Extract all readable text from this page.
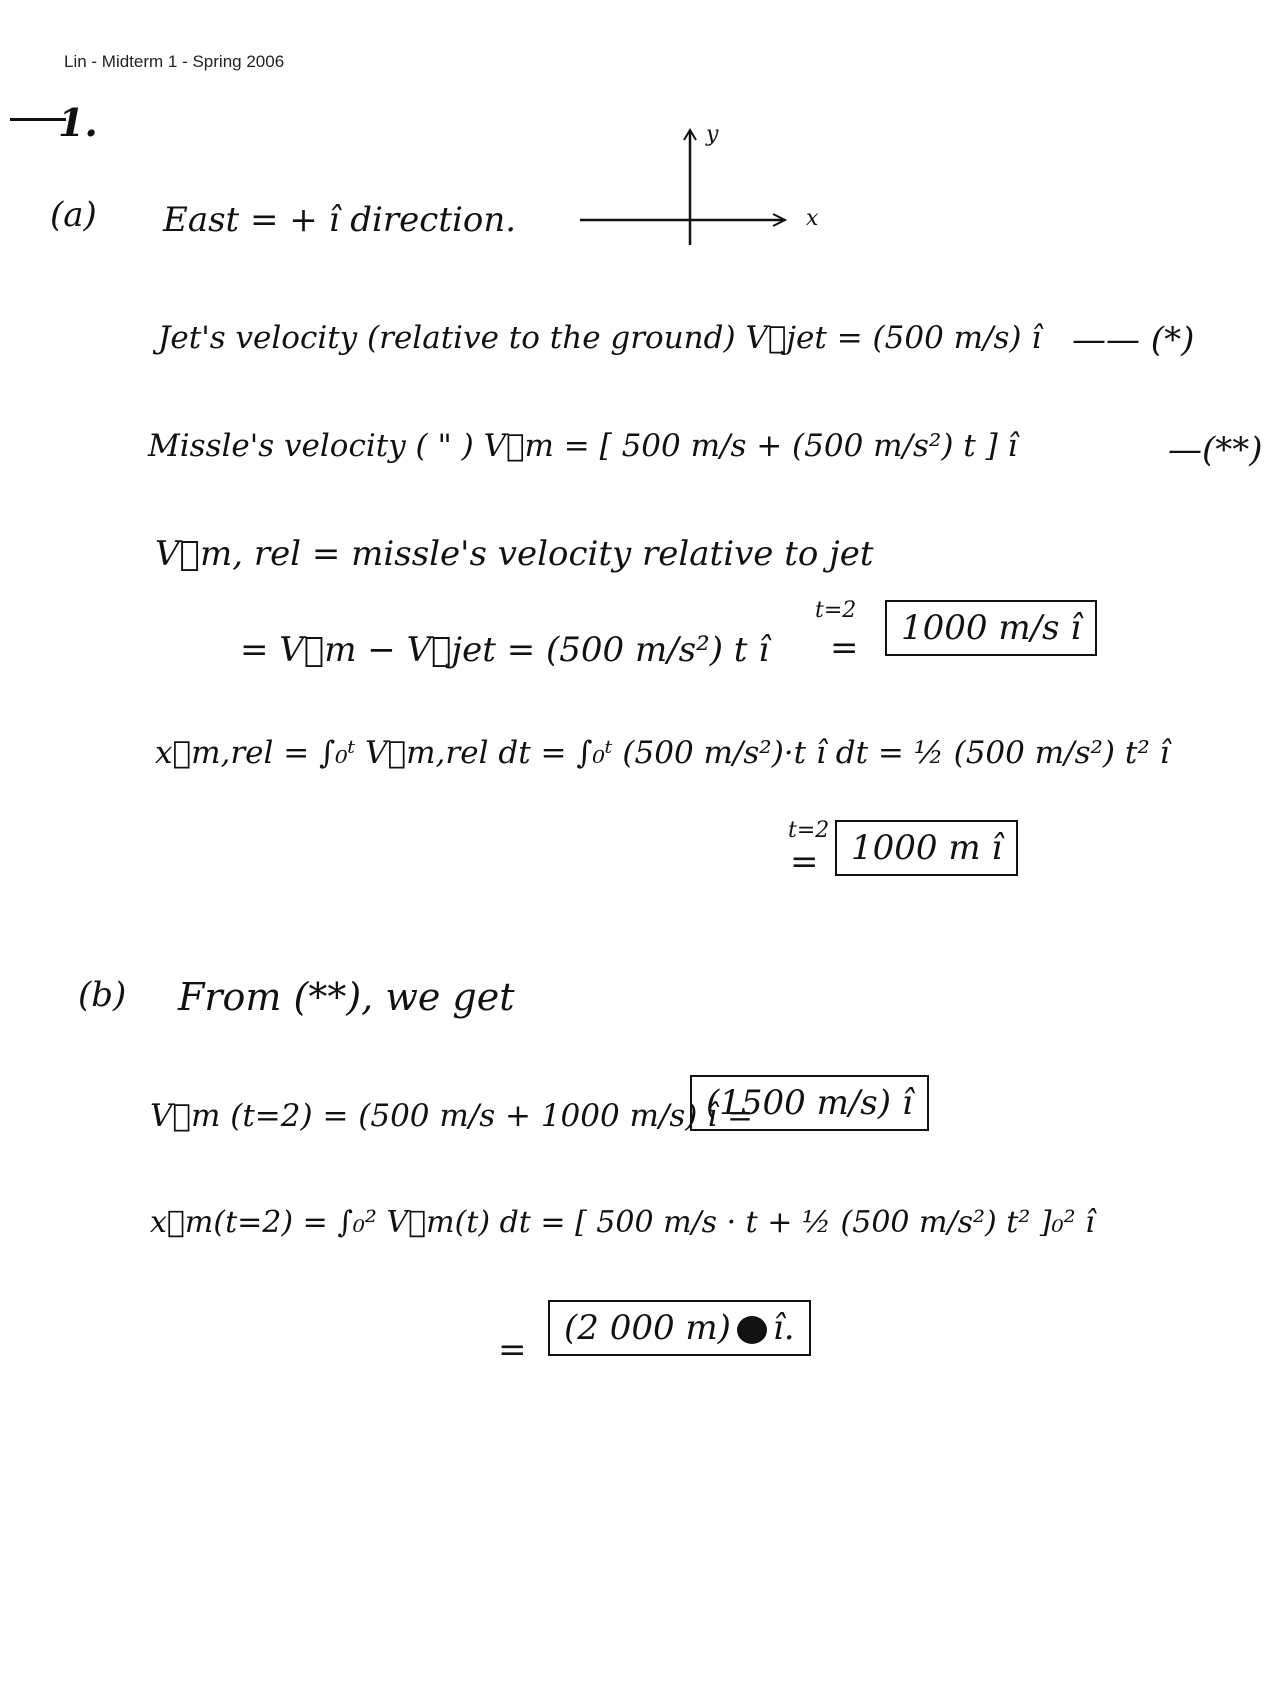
Lin - Midterm 1 - Spring 2006
1.
(a) East = + î direction.
y
x
Jet's velocity (relative to the ground) V⃗jet = (500 m/s) î —— (*)
Missle's velocity ( " ) V⃗m = [ 500 m/s + (500 m/s²) t ] î	—(**)
V⃗m, rel = missle's velocity relative to jet
= V⃗m − V⃗jet = (500 m/s²) t î
t=2
=	1000 m/s î
x⃗m,rel = ∫₀ᵗ V⃗m,rel dt = ∫₀ᵗ (500 m/s²)·t î dt = ½ (500 m/s²) t² î
t=2
= 1000 m î
(b) From (**), we get
V⃗m (t=2) = (500 m/s + 1000 m/s) î =
(1500 m/s) î
x⃗m(t=2) = ∫₀² V⃗m(t) dt = [ 500 m/s · t + ½ (500 m/s²) t² ]₀² î
=
(2 000 m) î.
